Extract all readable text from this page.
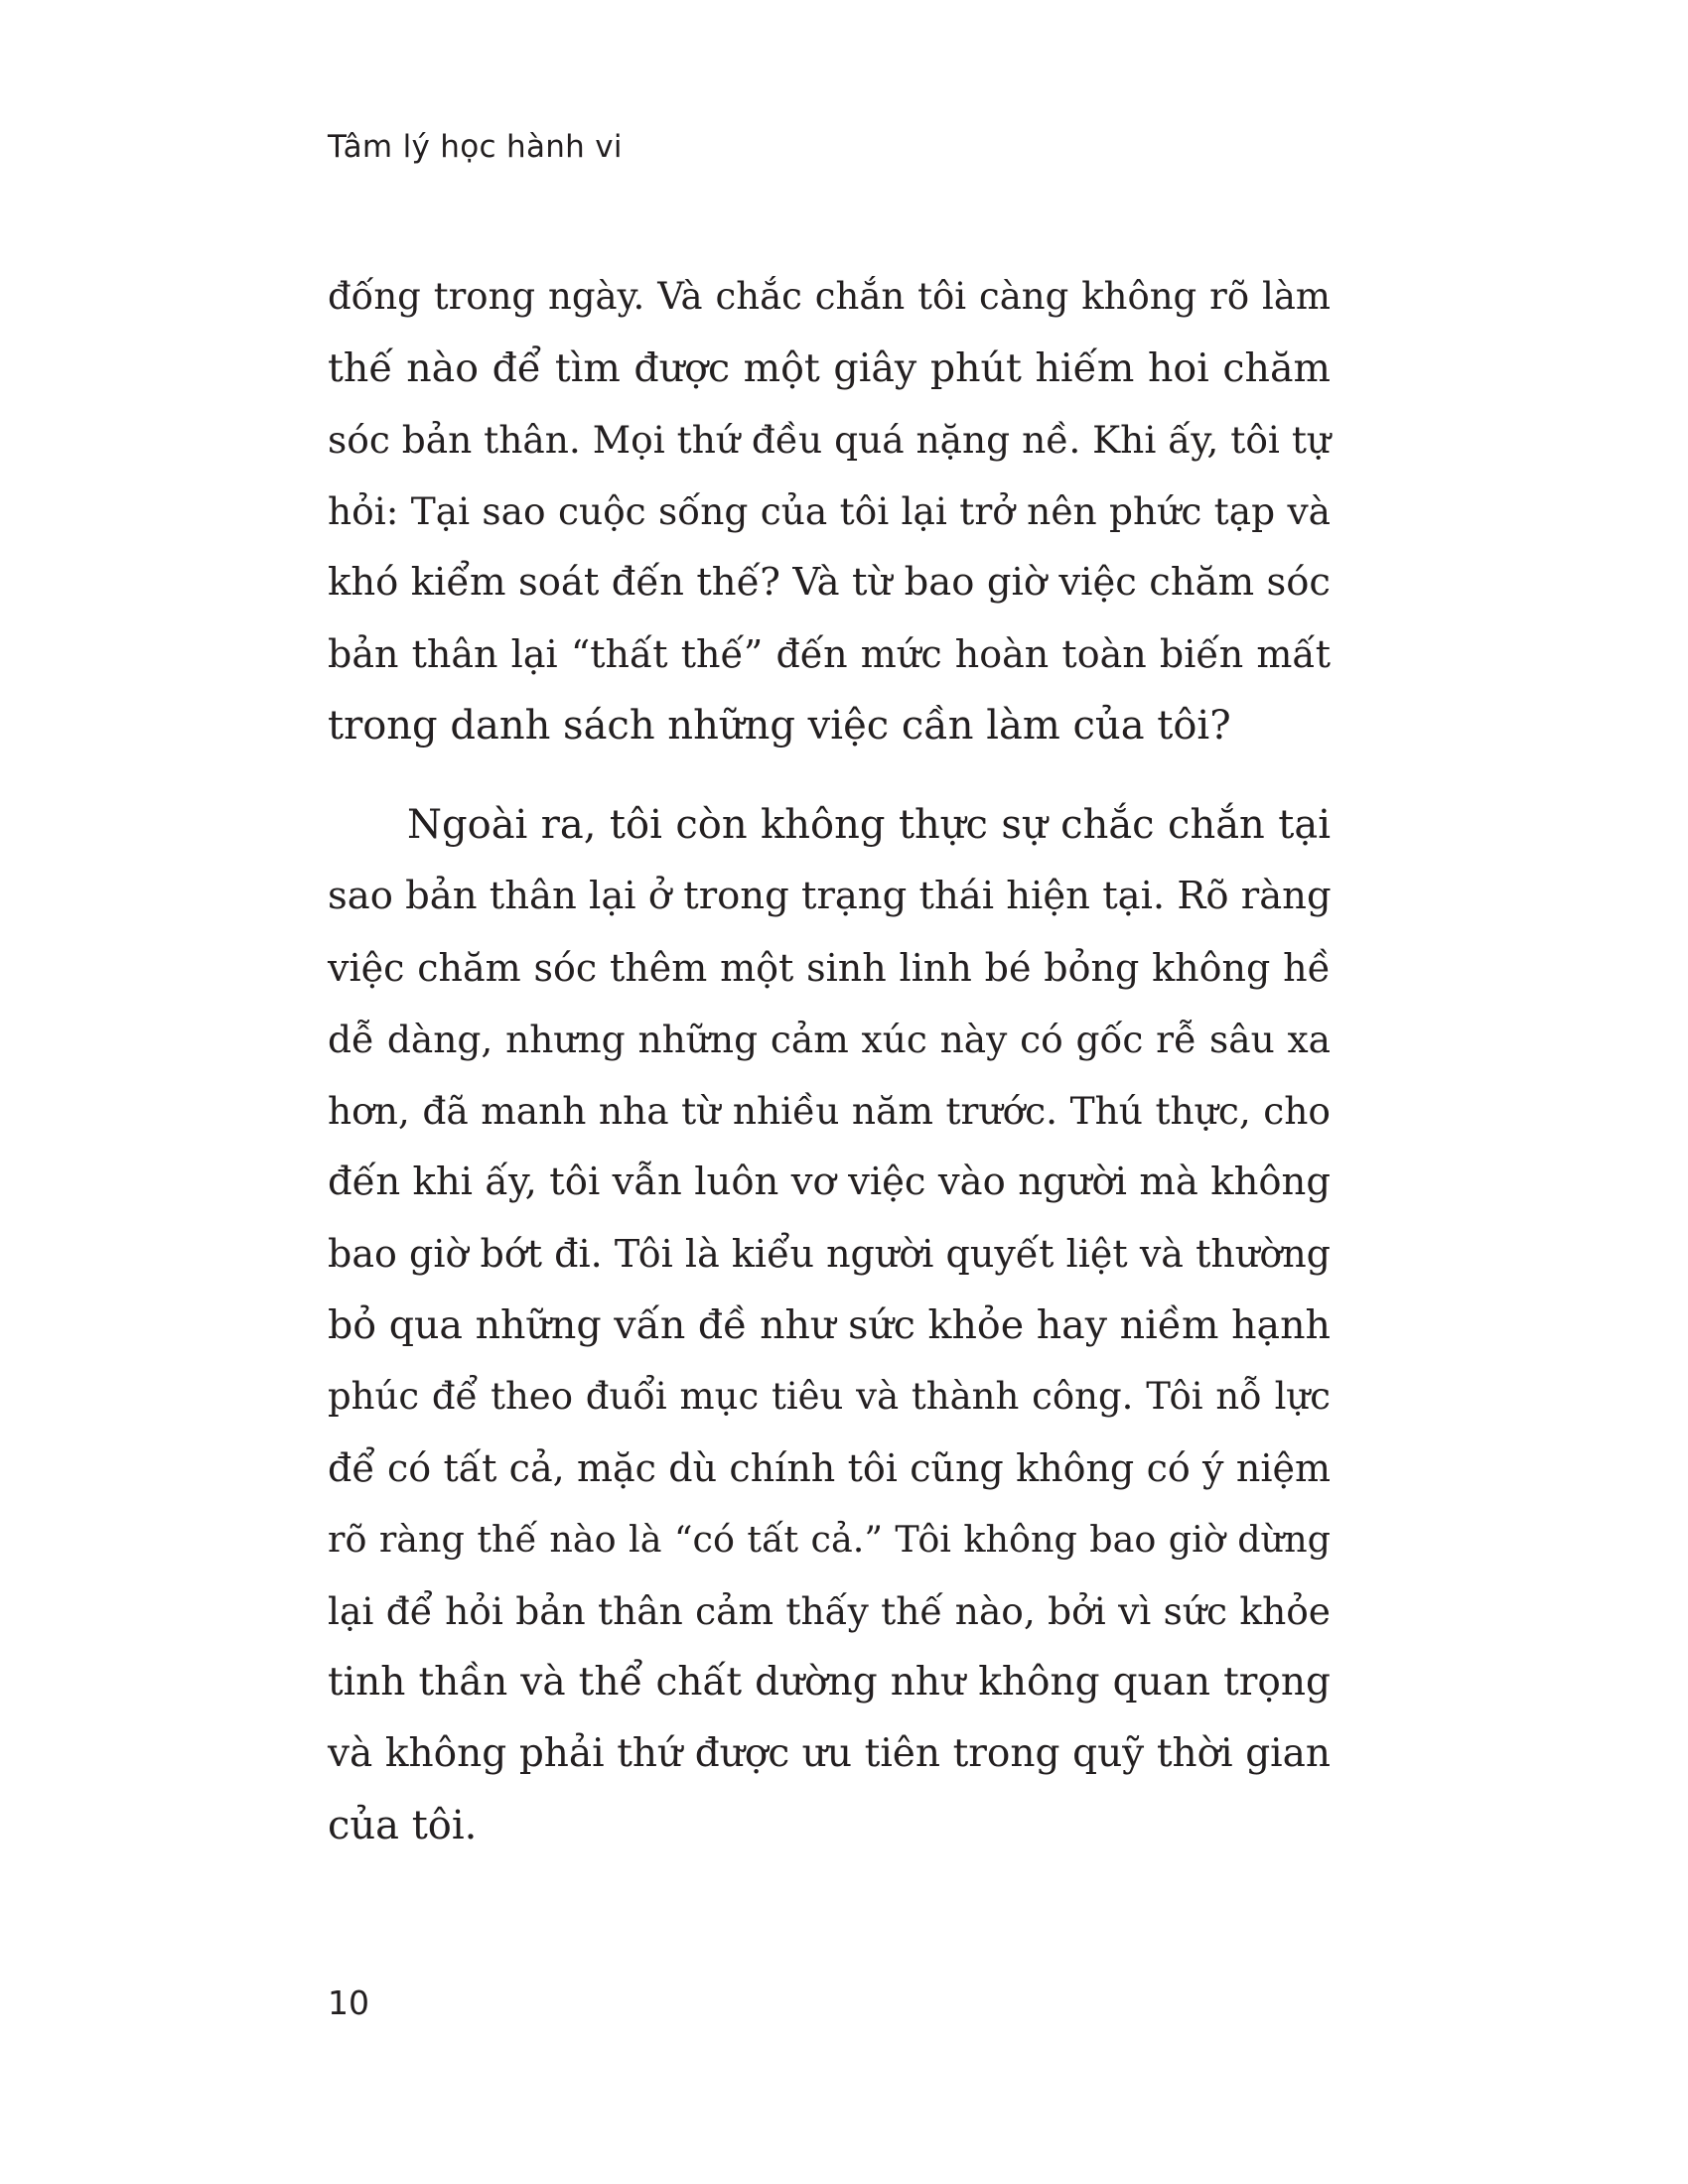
Tâm lý học hành vi
đống trong ngày. Và chắc chắn tôi càng không rõ làm
thế nào để tìm được một giây phút hiếm hoi chăm
sóc bản thân. Mọi thứ đều quá nặng nề. Khi ấy, tôi tự
hỏi: Tại sao cuộc sống của tôi lại trở nên phức tạp và
khó kiểm soát đến thế? Và từ bao giờ việc chăm sóc
bản thân lại “thất thế” đến mức hoàn toàn biến mất
trong danh sách những việc cần làm của tôi?
Ngoài ra, tôi còn không thực sự chắc chắn tại
sao bản thân lại ở trong trạng thái hiện tại. Rõ ràng
việc chăm sóc thêm một sinh linh bé bỏng không hề
dễ dàng, nhưng những cảm xúc này có gốc rễ sâu xa
hơn, đã manh nha từ nhiều năm trước. Thú thực, cho
đến khi ấy, tôi vẫn luôn vơ việc vào người mà không
bao giờ bớt đi. Tôi là kiểu người quyết liệt và thường
bỏ qua những vấn đề như sức khỏe hay niềm hạnh
phúc để theo đuổi mục tiêu và thành công. Tôi nỗ lực
để có tất cả, mặc dù chính tôi cũng không có ý niệm
rõ ràng thế nào là “có tất cả.” Tôi không bao giờ dừng
lại để hỏi bản thân cảm thấy thế nào, bởi vì sức khỏe
tinh thần và thể chất dường như không quan trọng
và không phải thứ được ưu tiên trong quỹ thời gian
của tôi.
10
